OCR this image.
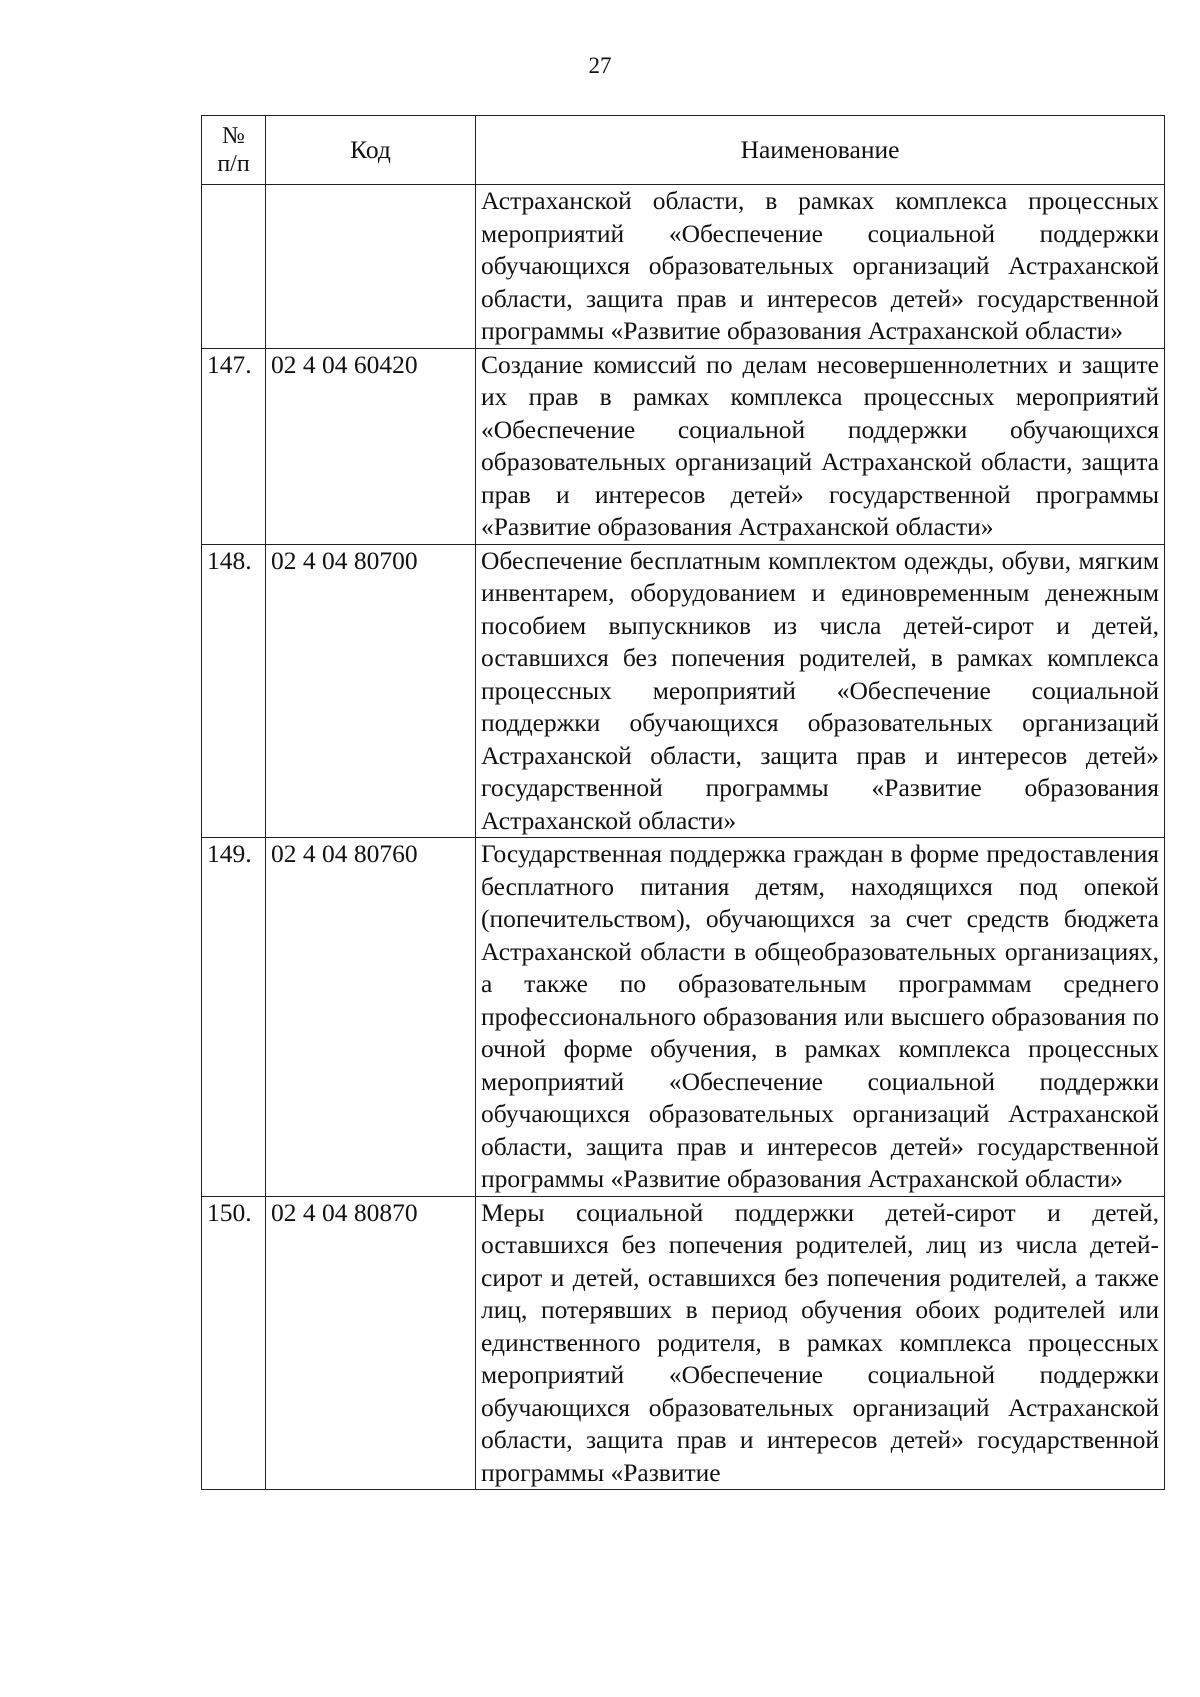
27
№
п/п	Код	Наименование
		Астраханской области, в рамках комплекса процессных мероприятий «Обеспечение социальной поддержки обучающихся образовательных организаций Астраханской области, защита прав и интересов детей» государственной программы «Развитие образования Астраханской области»
147.	02 4 04 60420	Создание комиссий по делам несовершеннолетних и защите их прав в рамках комплекса процессных мероприятий «Обеспечение социальной поддержки обучающихся образовательных организаций Астраханской области, защита прав и интересов детей» государственной программы «Развитие образования Астраханской области»
148.	02 4 04 80700	Обеспечение бесплатным комплектом одежды, обуви, мягким инвентарем, оборудованием и единовременным денежным пособием выпускников из числа детей-сирот и детей, оставшихся без попечения родителей, в рамках комплекса процессных мероприятий «Обеспечение социальной поддержки обучающихся образовательных организаций Астраханской области, защита прав и интересов детей» государственной программы «Развитие образования Астраханской области»
149.	02 4 04 80760	Государственная поддержка граждан в форме предоставления бесплатного питания детям, находящихся под опекой (попечительством), обучающихся за счет средств бюджета Астраханской области в общеобразовательных организациях, а также по образовательным программам среднего профессионального образования или высшего образования по очной форме обучения, в рамках комплекса процессных мероприятий «Обеспечение социальной поддержки обучающихся образовательных организаций Астраханской области, защита прав и интересов детей» государственной программы «Развитие образования Астраханской области»
150.	02 4 04 80870	Меры социальной поддержки детей-сирот и детей, оставшихся без попечения родителей, лиц из числа детей-сирот и детей, оставшихся без попечения родителей, а также лиц, потерявших в период обучения обоих родителей или единственного родителя, в рамках комплекса процессных мероприятий «Обеспечение социальной поддержки обучающихся образовательных организаций Астраханской области, защита прав и интересов детей» государственной программы «Развитие
